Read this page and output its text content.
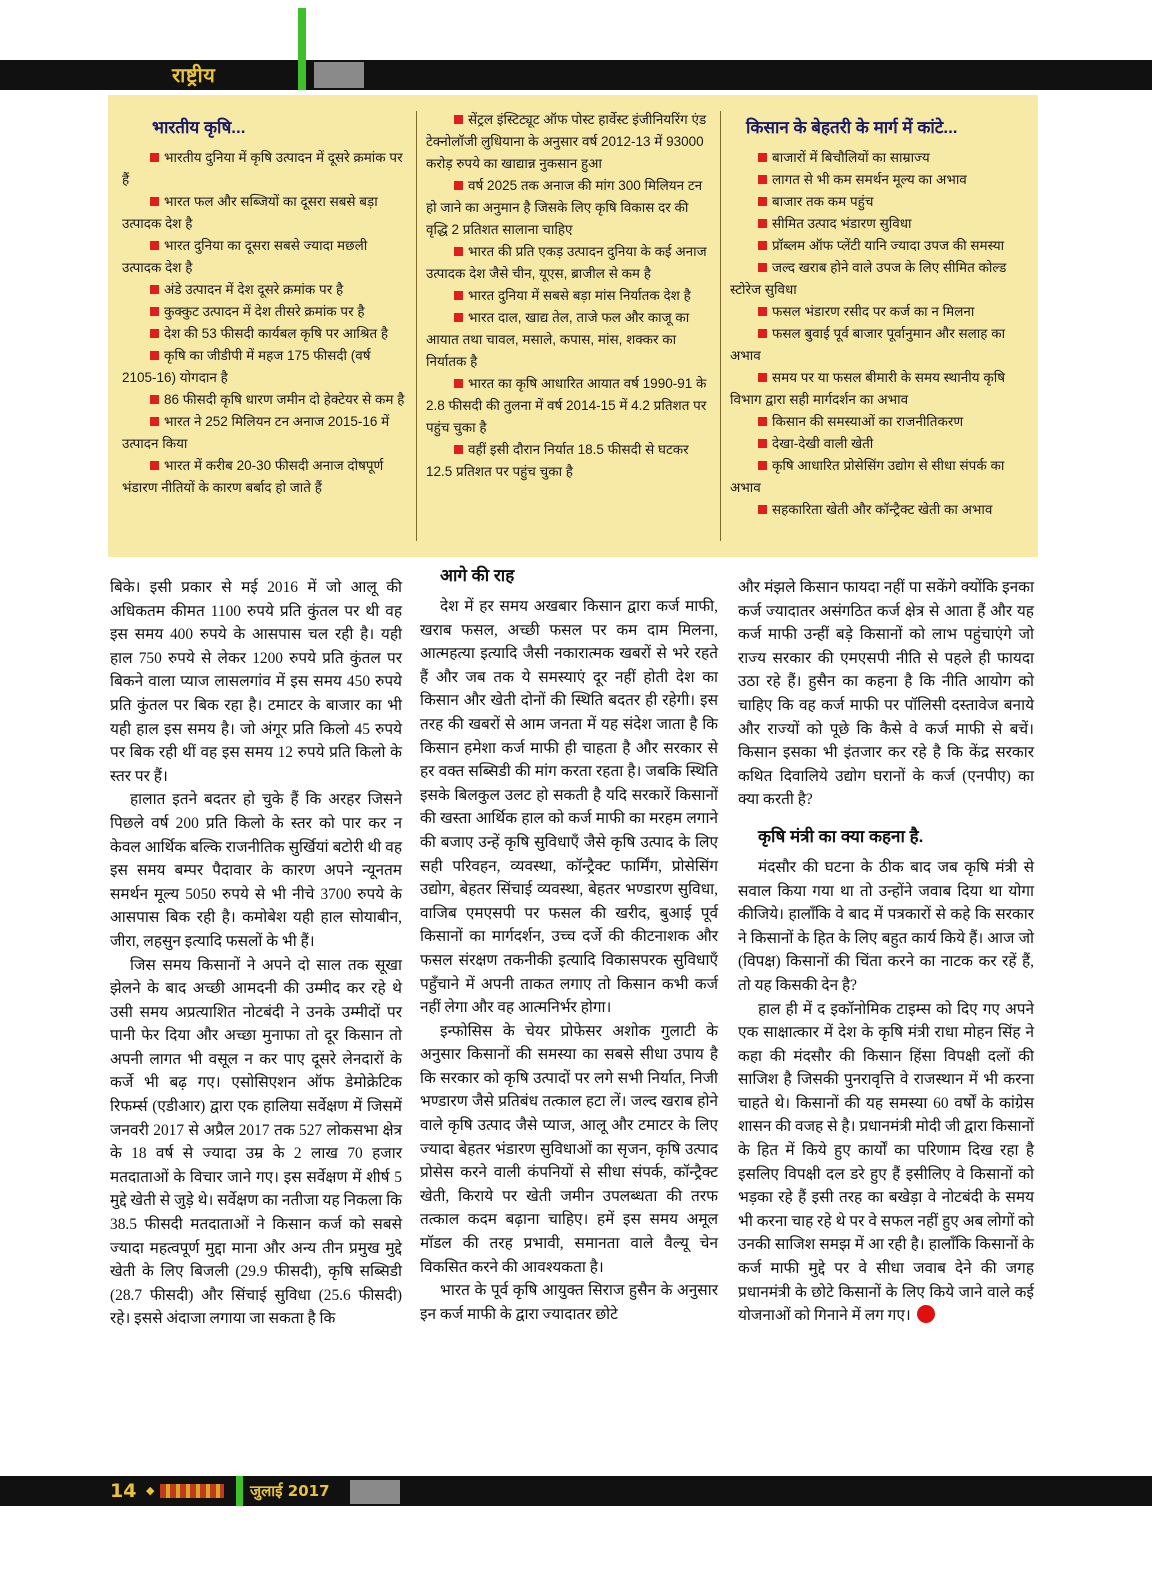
राष्ट्रीय
भारतीय कृषि...

भारतीय दुनिया में कृषि उत्पादन में दूसरे क्रमांक पर हैं

भारत फल और सब्जियों का दूसरा सबसे बड़ा उत्पादक देश है

भारत दुनिया का दूसरा सबसे ज्यादा मछली उत्पादक देश है

अंडे उत्पादन में देश दूसरे क्रमांक पर है

कुक्कुट उत्पादन में देश तीसरे क्रमांक पर है

देश की 53 फीसदी कार्यबल कृषि पर आश्रित है

कृषि का जीडीपी में महज 175 फीसदी (वर्ष 2105-16) योगदान है

86 फीसदी कृषि धारण जमीन दो हेक्टेयर से कम है

भारत ने 252 मिलियन टन अनाज 2015-16 में उत्पादन किया

भारत में करीब 20-30 फीसदी अनाज दोषपूर्ण भंडारण नीतियों के कारण बर्बाद हो जाते हैं

सेंट्रल इंस्टिट्यूट ऑफ पोस्ट हार्वेस्ट इंजीनियरिंग एंड टेक्नोलॉजी लुधियाना के अनुसार वर्ष 2012-13 में 93000 करोड़ रुपये का खाद्यान्न नुकसान हुआ

वर्ष 2025 तक अनाज की मांग 300 मिलियन टन हो जाने का अनुमान है जिसके लिए कृषि विकास दर की वृद्धि 2 प्रतिशत सालाना चाहिए

भारत की प्रति एकड़ उत्पादन दुनिया के कई अनाज उत्पादक देश जैसे चीन, यूएस, ब्राजील से कम है

भारत दुनिया में सबसे बड़ा मांस निर्यातक देश है

भारत दाल, खाद्य तेल, ताजे फल और काजू का आयात तथा चावल, मसाले, कपास, मांस, शक्कर का निर्यातक है

भारत का कृषि आधारित आयात वर्ष 1990-91 के 2.8 फीसदी की तुलना में वर्ष 2014-15 में 4.2 प्रतिशत पर पहुंच चुका है

वहीं इसी दौरान निर्यात 18.5 फीसदी से घटकर 12.5 प्रतिशत पर पहुंच चुका है

किसान के बेहतरी के मार्ग में कांटे...

बाजारों में बिचौलियों का साम्राज्य

लागत से भी कम समर्थन मूल्य का अभाव

बाजार तक कम पहुंच

सीमित उत्पाद भंडारण सुविधा

प्रॉब्लम ऑफ प्लेंटी यानि ज्यादा उपज की समस्या

जल्द खराब होने वाले उपज के लिए सीमित कोल्ड स्टोरेज सुविधा

फसल भंडारण रसीद पर कर्ज का न मिलना

फसल बुवाई पूर्व बाजार पूर्वानुमान और सलाह का अभाव

समय पर या फसल बीमारी के समय स्थानीय कृषि विभाग द्वारा सही मार्गदर्शन का अभाव

किसान की समस्याओं का राजनीतिकरण

देखा-देखी वाली खेती

कृषि आधारित प्रोसेसिंग उद्योग से सीधा संपर्क का अभाव

सहकारिता खेती और कॉन्ट्रैक्ट खेती का अभाव

बिके। इसी प्रकार से मई 2016 में जो आलू की अधिकतम कीमत 1100 रुपये प्रति कुंतल पर थी वह इस समय 400 रुपये के आसपास चल रही है। यही हाल 750 रुपये से लेकर 1200 रुपये प्रति कुंतल पर बिकने वाला प्याज लासलगांव में इस समय 450 रुपये प्रति कुंतल पर बिक रहा है। टमाटर के बाजार का भी यही हाल इस समय है। जो अंगूर प्रति किलो 45 रुपये पर बिक रही थीं वह इस समय 12 रुपये प्रति किलो के स्तर पर हैं।

हालात इतने बदतर हो चुके हैं कि अरहर जिसने पिछले वर्ष 200 प्रति किलो के स्तर को पार कर न केवल आर्थिक बल्कि राजनीतिक सुर्खियां बटोरी थी वह इस समय बम्पर पैदावार के कारण अपने न्यूनतम समर्थन मूल्य 5050 रुपये से भी नीचे 3700 रुपये के आसपास बिक रही है। कमोबेश यही हाल सोयाबीन, जीरा, लहसुन इत्यादि फसलों के भी हैं।

जिस समय किसानों ने अपने दो साल तक सूखा झेलने के बाद अच्छी आमदनी की उम्मीद कर रहे थे उसी समय अप्रत्याशित नोटबंदी ने उनके उम्मीदों पर पानी फेर दिया और अच्छा मुनाफा तो दूर किसान तो अपनी लागत भी वसूल न कर पाए दूसरे लेनदारों के कर्जे भी बढ़ गए। एसोसिएशन ऑफ डेमोक्रेटिक रिफर्म्स (एडीआर) द्वारा एक हालिया सर्वेक्षण में जिसमें जनवरी 2017 से अप्रैल 2017 तक 527 लोकसभा क्षेत्र के 18 वर्ष से ज्यादा उम्र के 2 लाख 70 हजार मतदाताओं के विचार जाने गए। इस सर्वेक्षण में शीर्ष 5 मुद्दे खेती से जुड़े थे। सर्वेक्षण का नतीजा यह निकला कि 38.5 फीसदी मतदाताओं ने किसान कर्ज को सबसे ज्यादा महत्वपूर्ण मुद्दा माना और अन्य तीन प्रमुख मुद्दे खेती के लिए बिजली (29.9 फीसदी), कृषि सब्सिडी (28.7 फीसदी) और सिंचाई सुविधा (25.6 फीसदी) रहे। इससे अंदाजा लगाया जा सकता है कि

आगे की राह

देश में हर समय अखबार किसान द्वारा कर्ज माफी, खराब फसल, अच्छी फसल पर कम दाम मिलना, आत्महत्या इत्यादि जैसी नकारात्मक खबरों से भरे रहते हैं और जब तक ये समस्याएं दूर नहीं होती देश का किसान और खेती दोनों की स्थिति बदतर ही रहेगी। इस तरह की खबरों से आम जनता में यह संदेश जाता है कि किसान हमेशा कर्ज माफी ही चाहता है और सरकार से हर वक्त सब्सिडी की मांग करता रहता है। जबकि स्थिति इसके बिलकुल उलट हो सकती है यदि सरकारें किसानों की खस्ता आर्थिक हाल को कर्ज माफी का मरहम लगाने की बजाए उन्हें कृषि सुविधाएँ जैसे कृषि उत्पाद के लिए सही परिवहन, व्यवस्था, कॉन्ट्रैक्ट फार्मिंग, प्रोसेसिंग उद्योग, बेहतर सिंचाई व्यवस्था, बेहतर भण्डारण सुविधा, वाजिब एमएसपी पर फसल की खरीद, बुआई पूर्व किसानों का मार्गदर्शन, उच्च दर्जे की कीटनाशक और फसल संरक्षण तकनीकी इत्यादि विकासपरक सुविधाएँ पहुँचाने में अपनी ताकत लगाए तो किसान कभी कर्ज नहीं लेगा और वह आत्मनिर्भर होगा।

इन्फोसिस के चेयर प्रोफेसर अशोक गुलाटी के अनुसार किसानों की समस्या का सबसे सीधा उपाय है कि सरकार को कृषि उत्पादों पर लगे सभी निर्यात, निजी भण्डारण जैसे प्रतिबंध तत्काल हटा लें। जल्द खराब होने वाले कृषि उत्पाद जैसे प्याज, आलू और टमाटर के लिए ज्यादा बेहतर भंडारण सुविधाओं का सृजन, कृषि उत्पाद प्रोसेस करने वाली कंपनियों से सीधा संपर्क, कॉन्ट्रैक्ट खेती, किराये पर खेती जमीन उपलब्धता की तरफ तत्काल कदम बढ़ाना चाहिए। हमें इस समय अमूल मॉडल की तरह प्रभावी, समानता वाले वैल्यू चेन विकसित करने की आवश्यकता है।

भारत के पूर्व कृषि आयुक्त सिराज हुसैन के अनुसार इन कर्ज माफी के द्वारा ज्यादातर छोटे

और मंझले किसान फायदा नहीं पा सकेंगे क्योंकि इनका कर्ज ज्यादातर असंगठित कर्ज क्षेत्र से आता हैं और यह कर्ज माफी उन्हीं बड़े किसानों को लाभ पहुंचाएंगे जो राज्य सरकार की एमएसपी नीति से पहले ही फायदा उठा रहे हैं। हुसैन का कहना है कि नीति आयोग को चाहिए कि वह कर्ज माफी पर पॉलिसी दस्तावेज बनाये और राज्यों को पूछे कि कैसे वे कर्ज माफी से बचें। किसान इसका भी इंतजार कर रहे है कि केंद्र सरकार कथित दिवालिये उद्योग घरानों के कर्ज (एनपीए) का क्या करती है?

कृषि मंत्री का क्या कहना है.

मंदसौर की घटना के ठीक बाद जब कृषि मंत्री से सवाल किया गया था तो उन्होंने जवाब दिया था योगा कीजिये। हालाँकि वे बाद में पत्रकारों से कहे कि सरकार ने किसानों के हित के लिए बहुत कार्य किये हैं। आज जो (विपक्ष) किसानों की चिंता करने का नाटक कर रहें हैं, तो यह किसकी देन है?

हाल ही में द इकॉनोमिक टाइम्स को दिए गए अपने एक साक्षात्कार में देश के कृषि मंत्री राधा मोहन सिंह ने कहा की मंदसौर की किसान हिंसा विपक्षी दलों की साजिश है जिसकी पुनरावृत्ति वे राजस्थान में भी करना चाहते थे। किसानों की यह समस्या 60 वर्षों के कांग्रेस शासन की वजह से है। प्रधानमंत्री मोदी जी द्वारा किसानों के हित में किये हुए कार्यों का परिणाम दिख रहा है इसलिए विपक्षी दल डरे हुए हैं इसीलिए वे किसानों को भड़का रहे हैं इसी तरह का बखेड़ा वे नोटबंदी के समय भी करना चाह रहे थे पर वे सफल नहीं हुए अब लोगों को उनकी साजिश समझ में आ रही है। हालाँकि किसानों के कर्ज माफी मुद्दे पर वे सीधा जवाब देने की जगह प्रधानमंत्री के छोटे किसानों के लिए किये जाने वाले कई योजनाओं को गिनाने में लग गए।

14 ◆	जुलाई 2017
